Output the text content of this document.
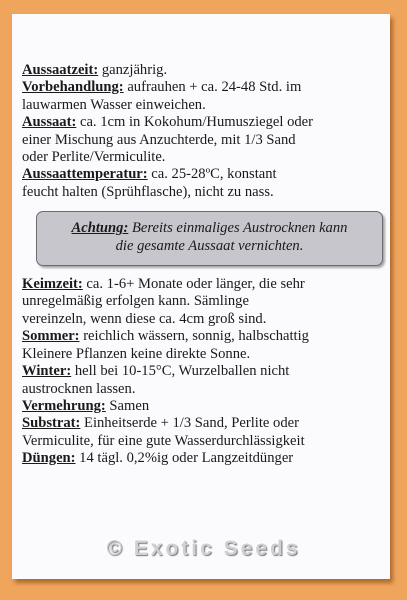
Aussaatzeit: ganzjährig.
Vorbehandlung: aufrauhen + ca. 24-48 Std. im
lauwarmen Wasser einweichen.
Aussaat: ca. 1cm in Kokohum/Humusziegel oder
einer Mischung aus Anzuchterde, mit 1/3 Sand
oder Perlite/Vermiculite.
Aussaattemperatur: ca. 25-28ºC, konstant
feucht halten (Sprühflasche), nicht zu nass.
Achtung: Bereits einmaliges Austrocknen kann
die gesamte Aussaat vernichten.
Keimzeit: ca. 1-6+ Monate oder länger, die sehr
unregelmäßig erfolgen kann. Sämlinge
vereinzeln, wenn diese ca. 4cm groß sind.
Sommer: reichlich wässern, sonnig, halbschattig
Kleinere Pflanzen keine direkte Sonne.
Winter: hell bei 10-15°C, Wurzelballen nicht
austrocknen lassen.
Vermehrung: Samen
Substrat: Einheitserde + 1/3 Sand, Perlite oder
Vermiculite, für eine gute Wasserdurchlässigkeit
Düngen: 14 tägl. 0,2%ig oder Langzeitdünger
© Exotic Seeds
